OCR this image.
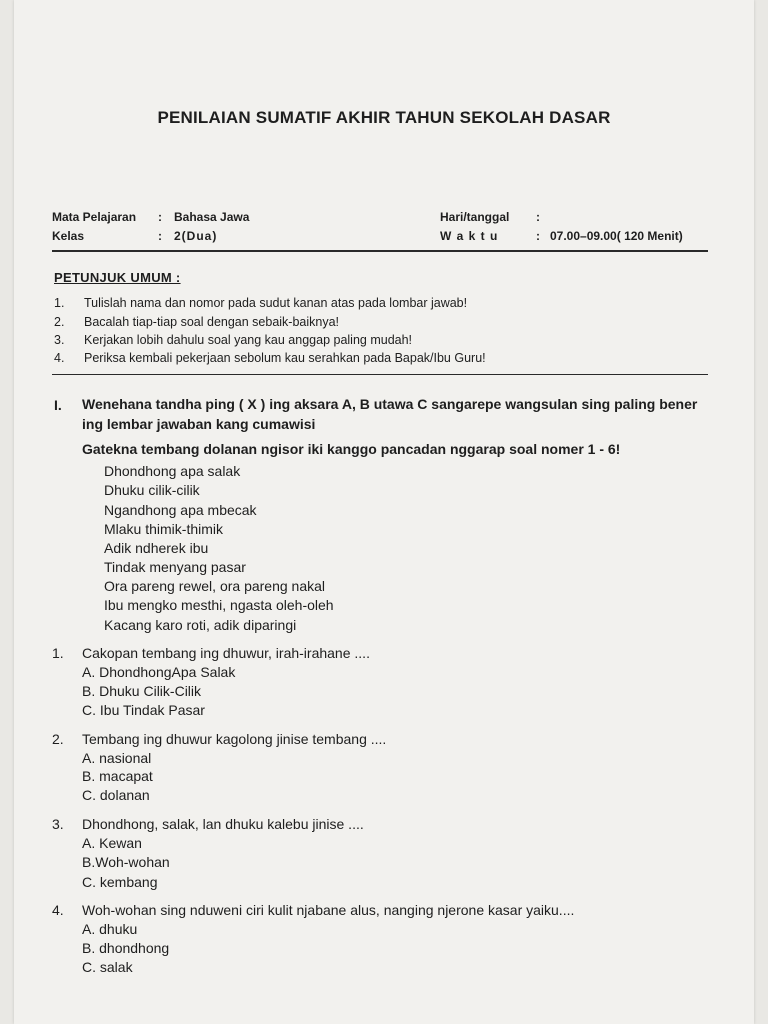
PENILAIAN SUMATIF AKHIR TAHUN SEKOLAH DASAR
Mata Pelajaran : Bahasa Jawa
Kelas	: 2(Dua)
Hari/tanggal :
W a k t u	: 07.00–09.00( 120 Menit)
PETUNJUK UMUM :
1. Tulislah nama dan nomor pada sudut kanan atas pada lombar jawab!
2. Bacalah tiap-tiap soal dengan sebaik-baiknya!
3. Kerjakan lobih dahulu soal yang kau anggap paling mudah!
4. Periksa kembali pekerjaan sebolum kau serahkan pada Bapak/Ibu Guru!
I. Wenehana tandha ping ( X ) ing aksara A, B utawa C sangarepe wangsulan sing paling bener ing lembar jawaban kang cumawisi
Gatekna tembang dolanan ngisor iki kanggo pancadan nggarap soal nomer 1 - 6!
Dhondhong apa salak
Dhuku cilik-cilik
Ngandhong apa mbecak
Mlaku thimik-thimik
Adik ndherek ibu
Tindak menyang pasar
Ora pareng rewel, ora pareng nakal
Ibu mengko mesthi, ngasta oleh-oleh
Kacang karo roti, adik diparingi
1. Cakopan tembang ing dhuwur, irah-irahane ....
A. DhondhongApa Salak
B. Dhuku Cilik-Cilik
C. Ibu Tindak Pasar
2. Tembang ing dhuwur kagolong jinise tembang ....
A. nasional
B. macapat
C. dolanan
3. Dhondhong, salak, lan dhuku kalebu jinise ....
A. Kewan
B.Woh-wohan
C. kembang
4. Woh-wohan sing nduweni ciri kulit njabane alus, nanging njerone kasar yaiku....
A. dhuku
B. dhondhong
C. salak
